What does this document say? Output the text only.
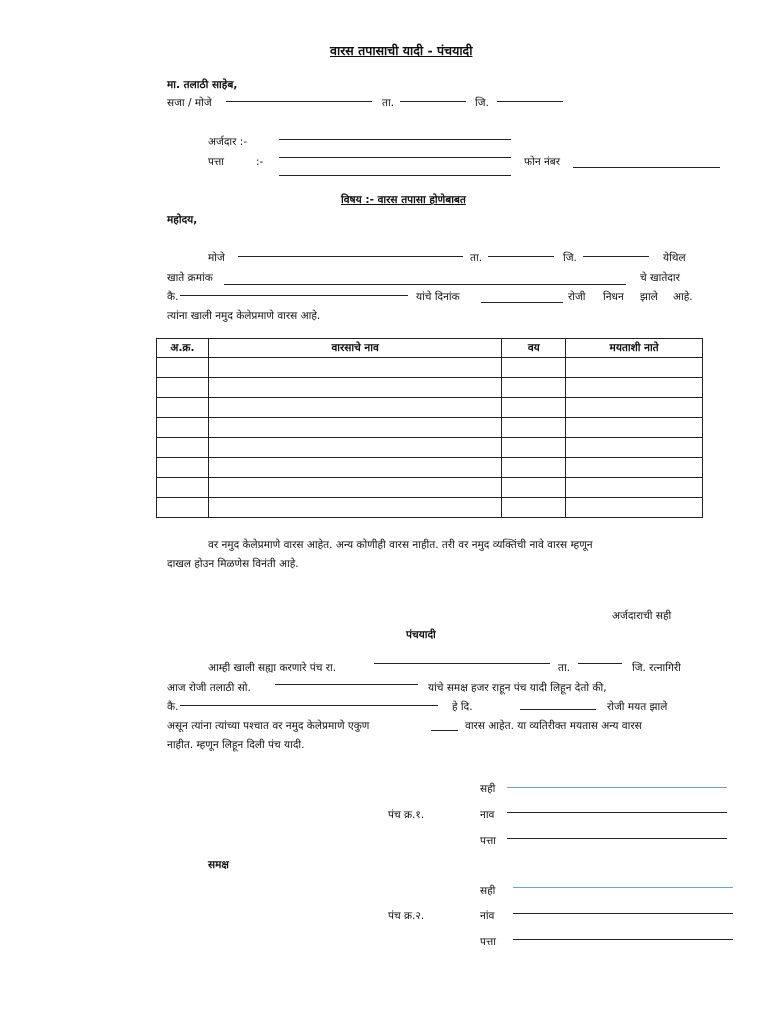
वारस तपासाची यादी - पंचयादी
मा. तलाठी साहेब,
सजा / मोजे	ता.	जि.
अर्जदार :-
पत्ता	:-	फोन नंबर
विषय :- वारस तपासा होणेबाबत
महोदय,
मोजे	ता.	जि.	येथिल
खाते क्रमांक	चे खातेदार
कै.	यांचे दिनांक	रोजी निधन झाले आहे.
त्यांना खाली नमुद केलेप्रमाणे वारस आहे.
अ.क्र.	वारसाचे नाव	वय	मयताशी नाते

वर नमुद केलेप्रमाणे वारस आहेत. अन्य कोणीही वारस नाहीत. तरी वर नमुद व्यक्तिंची नावे वारस म्हणून
दाखल होउन मिळणेस विनंती आहे.
अर्जदाराची सही
पंचयादी
आम्ही खाली सह्या करणारे पंच रा.	ता.	जि. रत्नागिरी
आज रोजी तलाठी सो.	यांचे समक्ष हजर राहून पंच यादी लिहून देतो की,
कै.	हे दि.	रोजी मयत झाले
असून त्यांना त्यांच्या पश्चात वर नमुद केलेप्रमाणे एकुण	वारस आहेत. या व्यतिरीक्त मयतास अन्य वारस
नाहीत. म्हणून लिहून दिली पंच यादी.
सही
पंच क्र.१.	नाव
पत्ता
समक्ष
सही
पंच क्र.२.	नांव
पत्ता
